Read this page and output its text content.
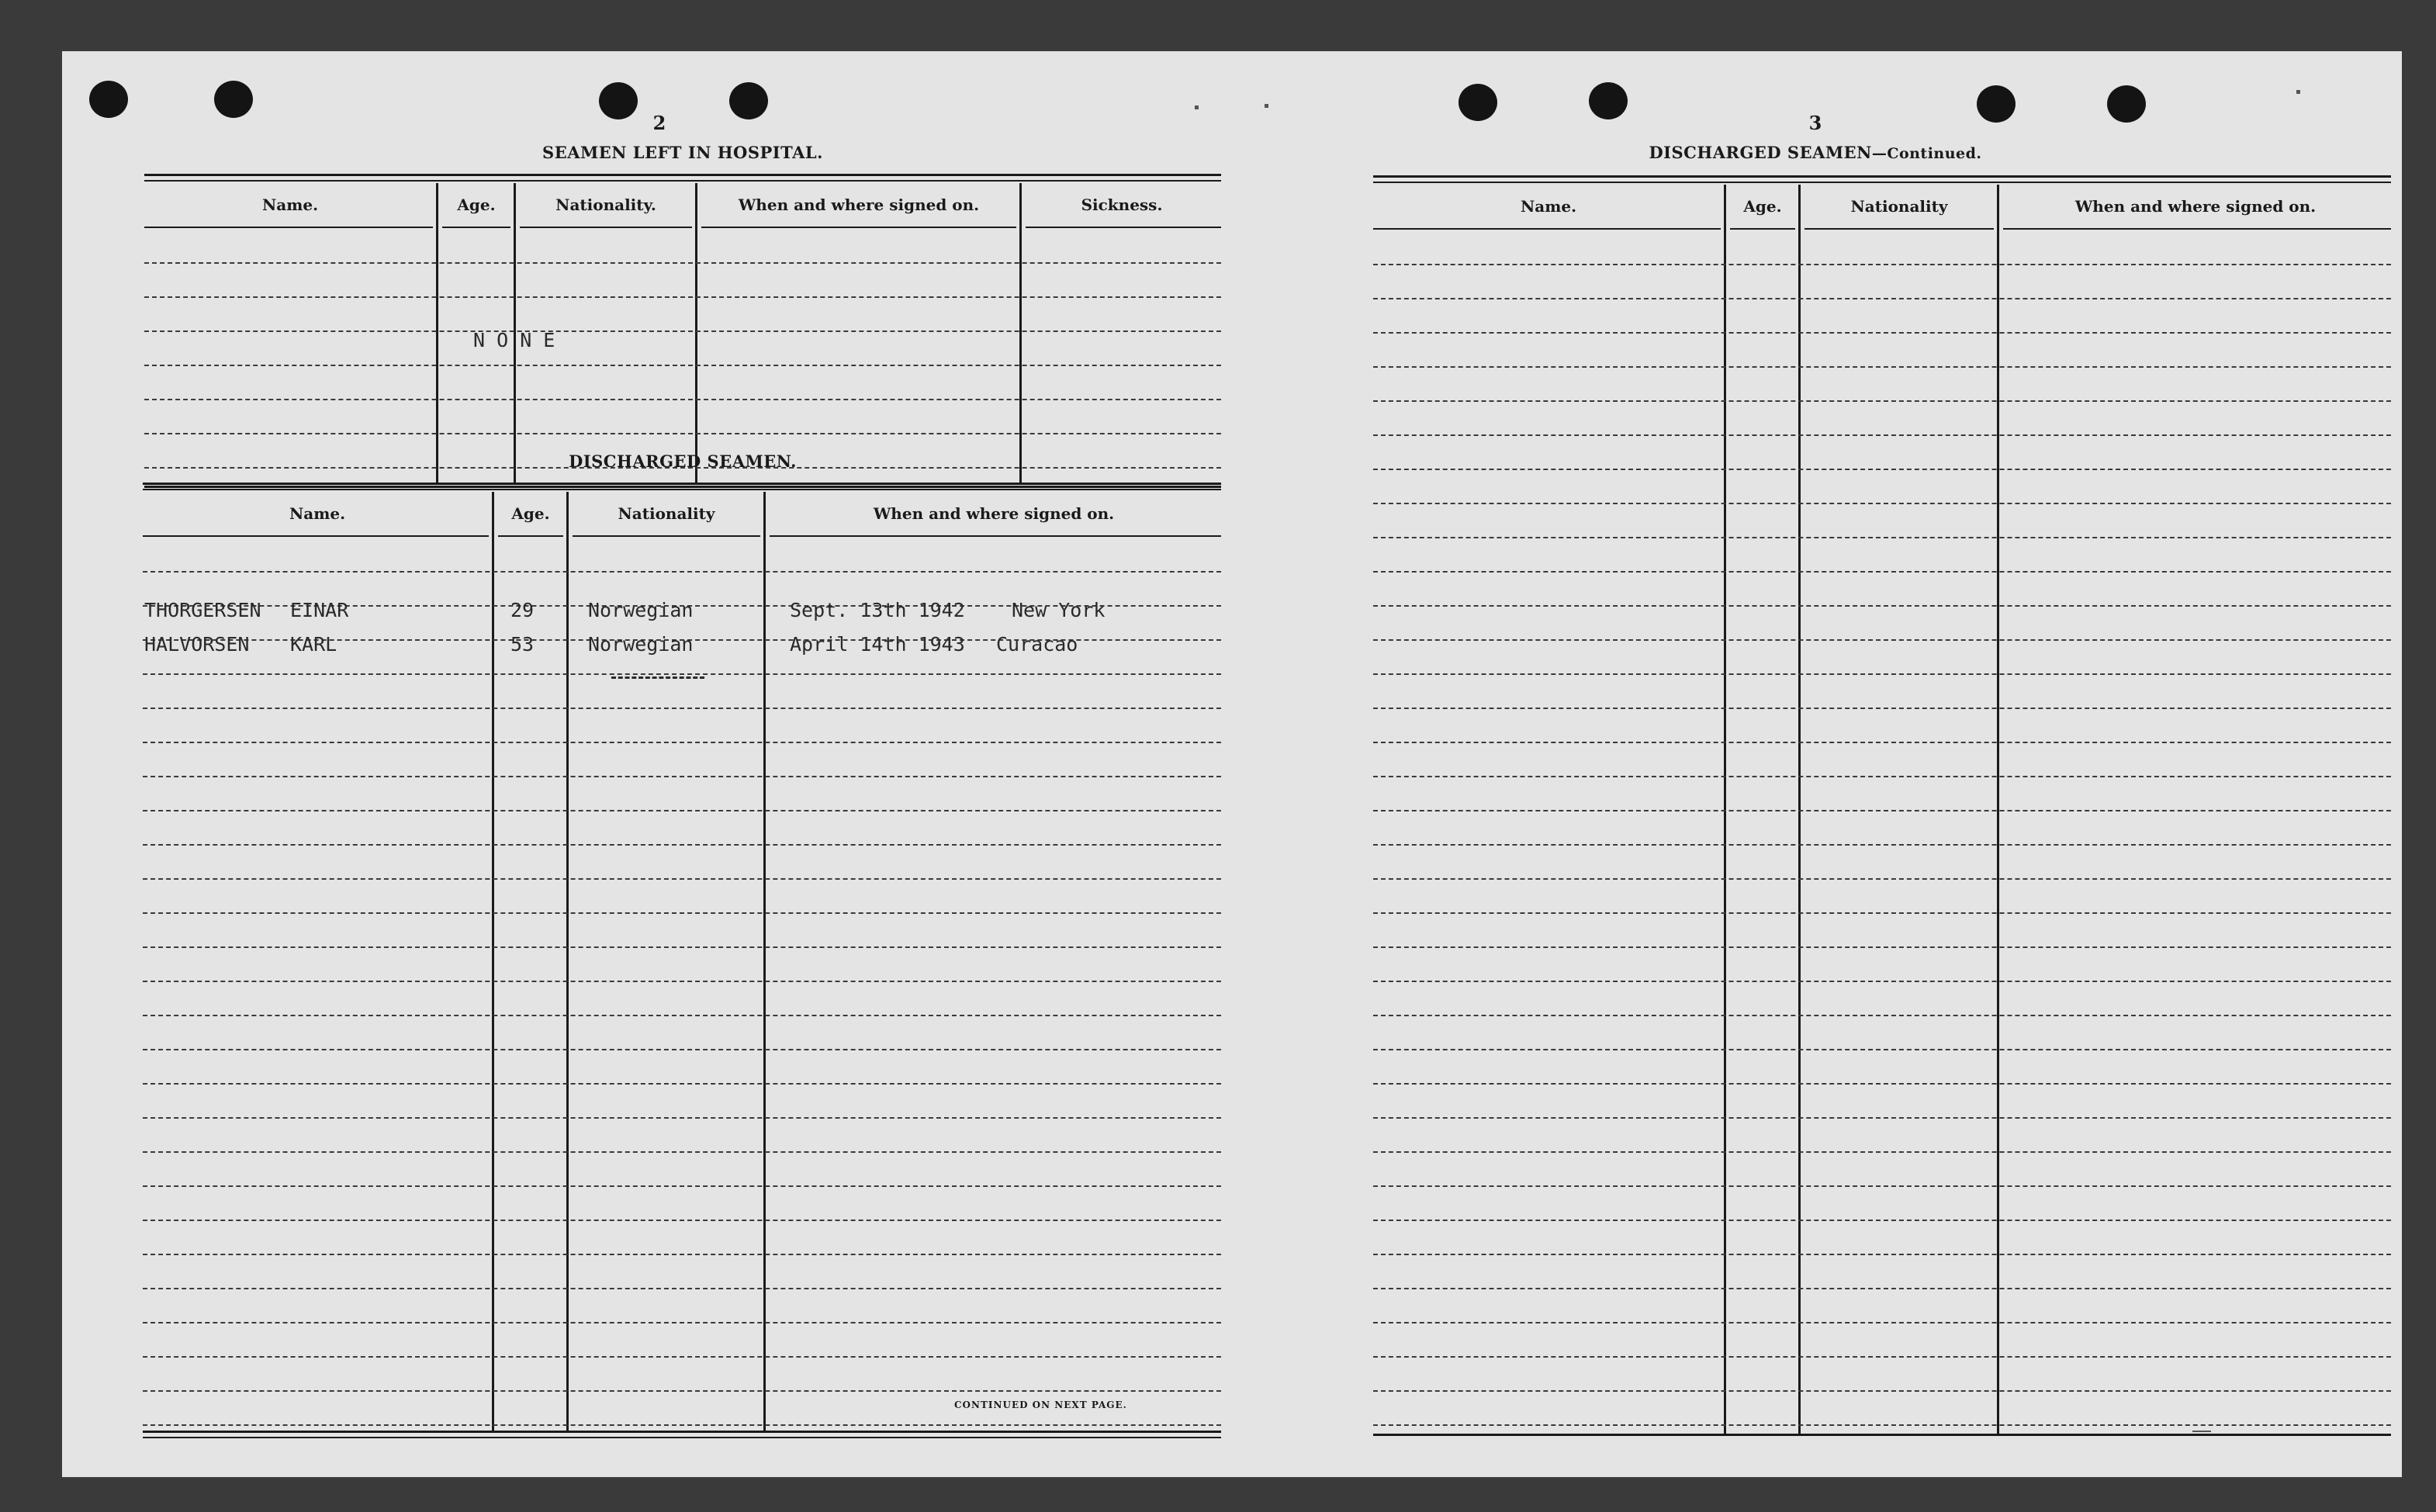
2
SEAMEN LEFT IN HOSPITAL.
Name.	Age.	Nationality.	When and where signed on.	Sickness.
N O N E
DISCHARGED SEAMEN.
Name.	Age.	Nationality	When and where signed on.
THORGERSEN EINAR	29	Norwegian	Sept. 13th 1942 New York
HALVORSEN KARL	53	Norwegian	April 14th 1943 Curacao
CONTINUED ON NEXT PAGE.
3
DISCHARGED SEAMEN—Continued.
Name.	Age.	Nationality	When and where signed on.
